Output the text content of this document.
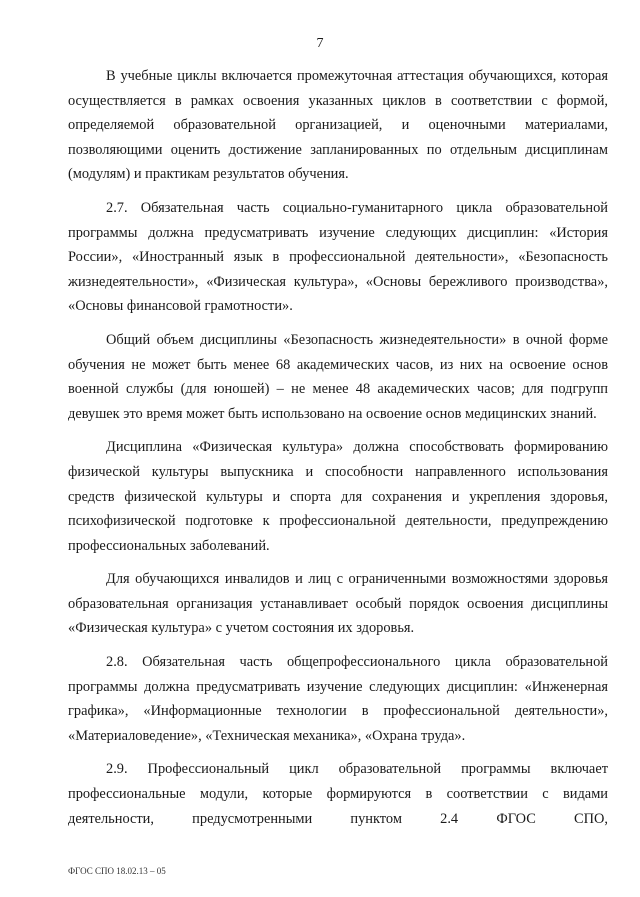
7

В учебные циклы включается промежуточная аттестация обучающихся, которая осуществляется в рамках освоения указанных циклов в соответствии с формой, определяемой образовательной организацией, и оценочными материалами, позволяющими оценить достижение запланированных по отдельным дисциплинам (модулям) и практикам результатов обучения.

2.7. Обязательная часть социально-гуманитарного цикла образовательной программы должна предусматривать изучение следующих дисциплин: «История России», «Иностранный язык в профессиональной деятельности», «Безопасность жизнедеятельности», «Физическая культура», «Основы бережливого производства», «Основы финансовой грамотности».

Общий объем дисциплины «Безопасность жизнедеятельности» в очной форме обучения не может быть менее 68 академических часов, из них на освоение основ военной службы (для юношей) – не менее 48 академических часов; для подгрупп девушек это время может быть использовано на освоение основ медицинских знаний.

Дисциплина «Физическая культура» должна способствовать формированию физической культуры выпускника и способности направленного использования средств физической культуры и спорта для сохранения и укрепления здоровья, психофизической подготовке к профессиональной деятельности, предупреждению профессиональных заболеваний.

Для обучающихся инвалидов и лиц с ограниченными возможностями здоровья образовательная организация устанавливает особый порядок освоения дисциплины «Физическая культура» с учетом состояния их здоровья.

2.8. Обязательная часть общепрофессионального цикла образовательной программы должна предусматривать изучение следующих дисциплин: «Инженерная графика», «Информационные технологии в профессиональной деятельности», «Материаловедение», «Техническая механика», «Охрана труда».

2.9. Профессиональный цикл образовательной программы включает профессиональные модули, которые формируются в соответствии с видами деятельности, предусмотренными пунктом 2.4 ФГОС СПО,

ФГОС СПО 18.02.13 – 05
